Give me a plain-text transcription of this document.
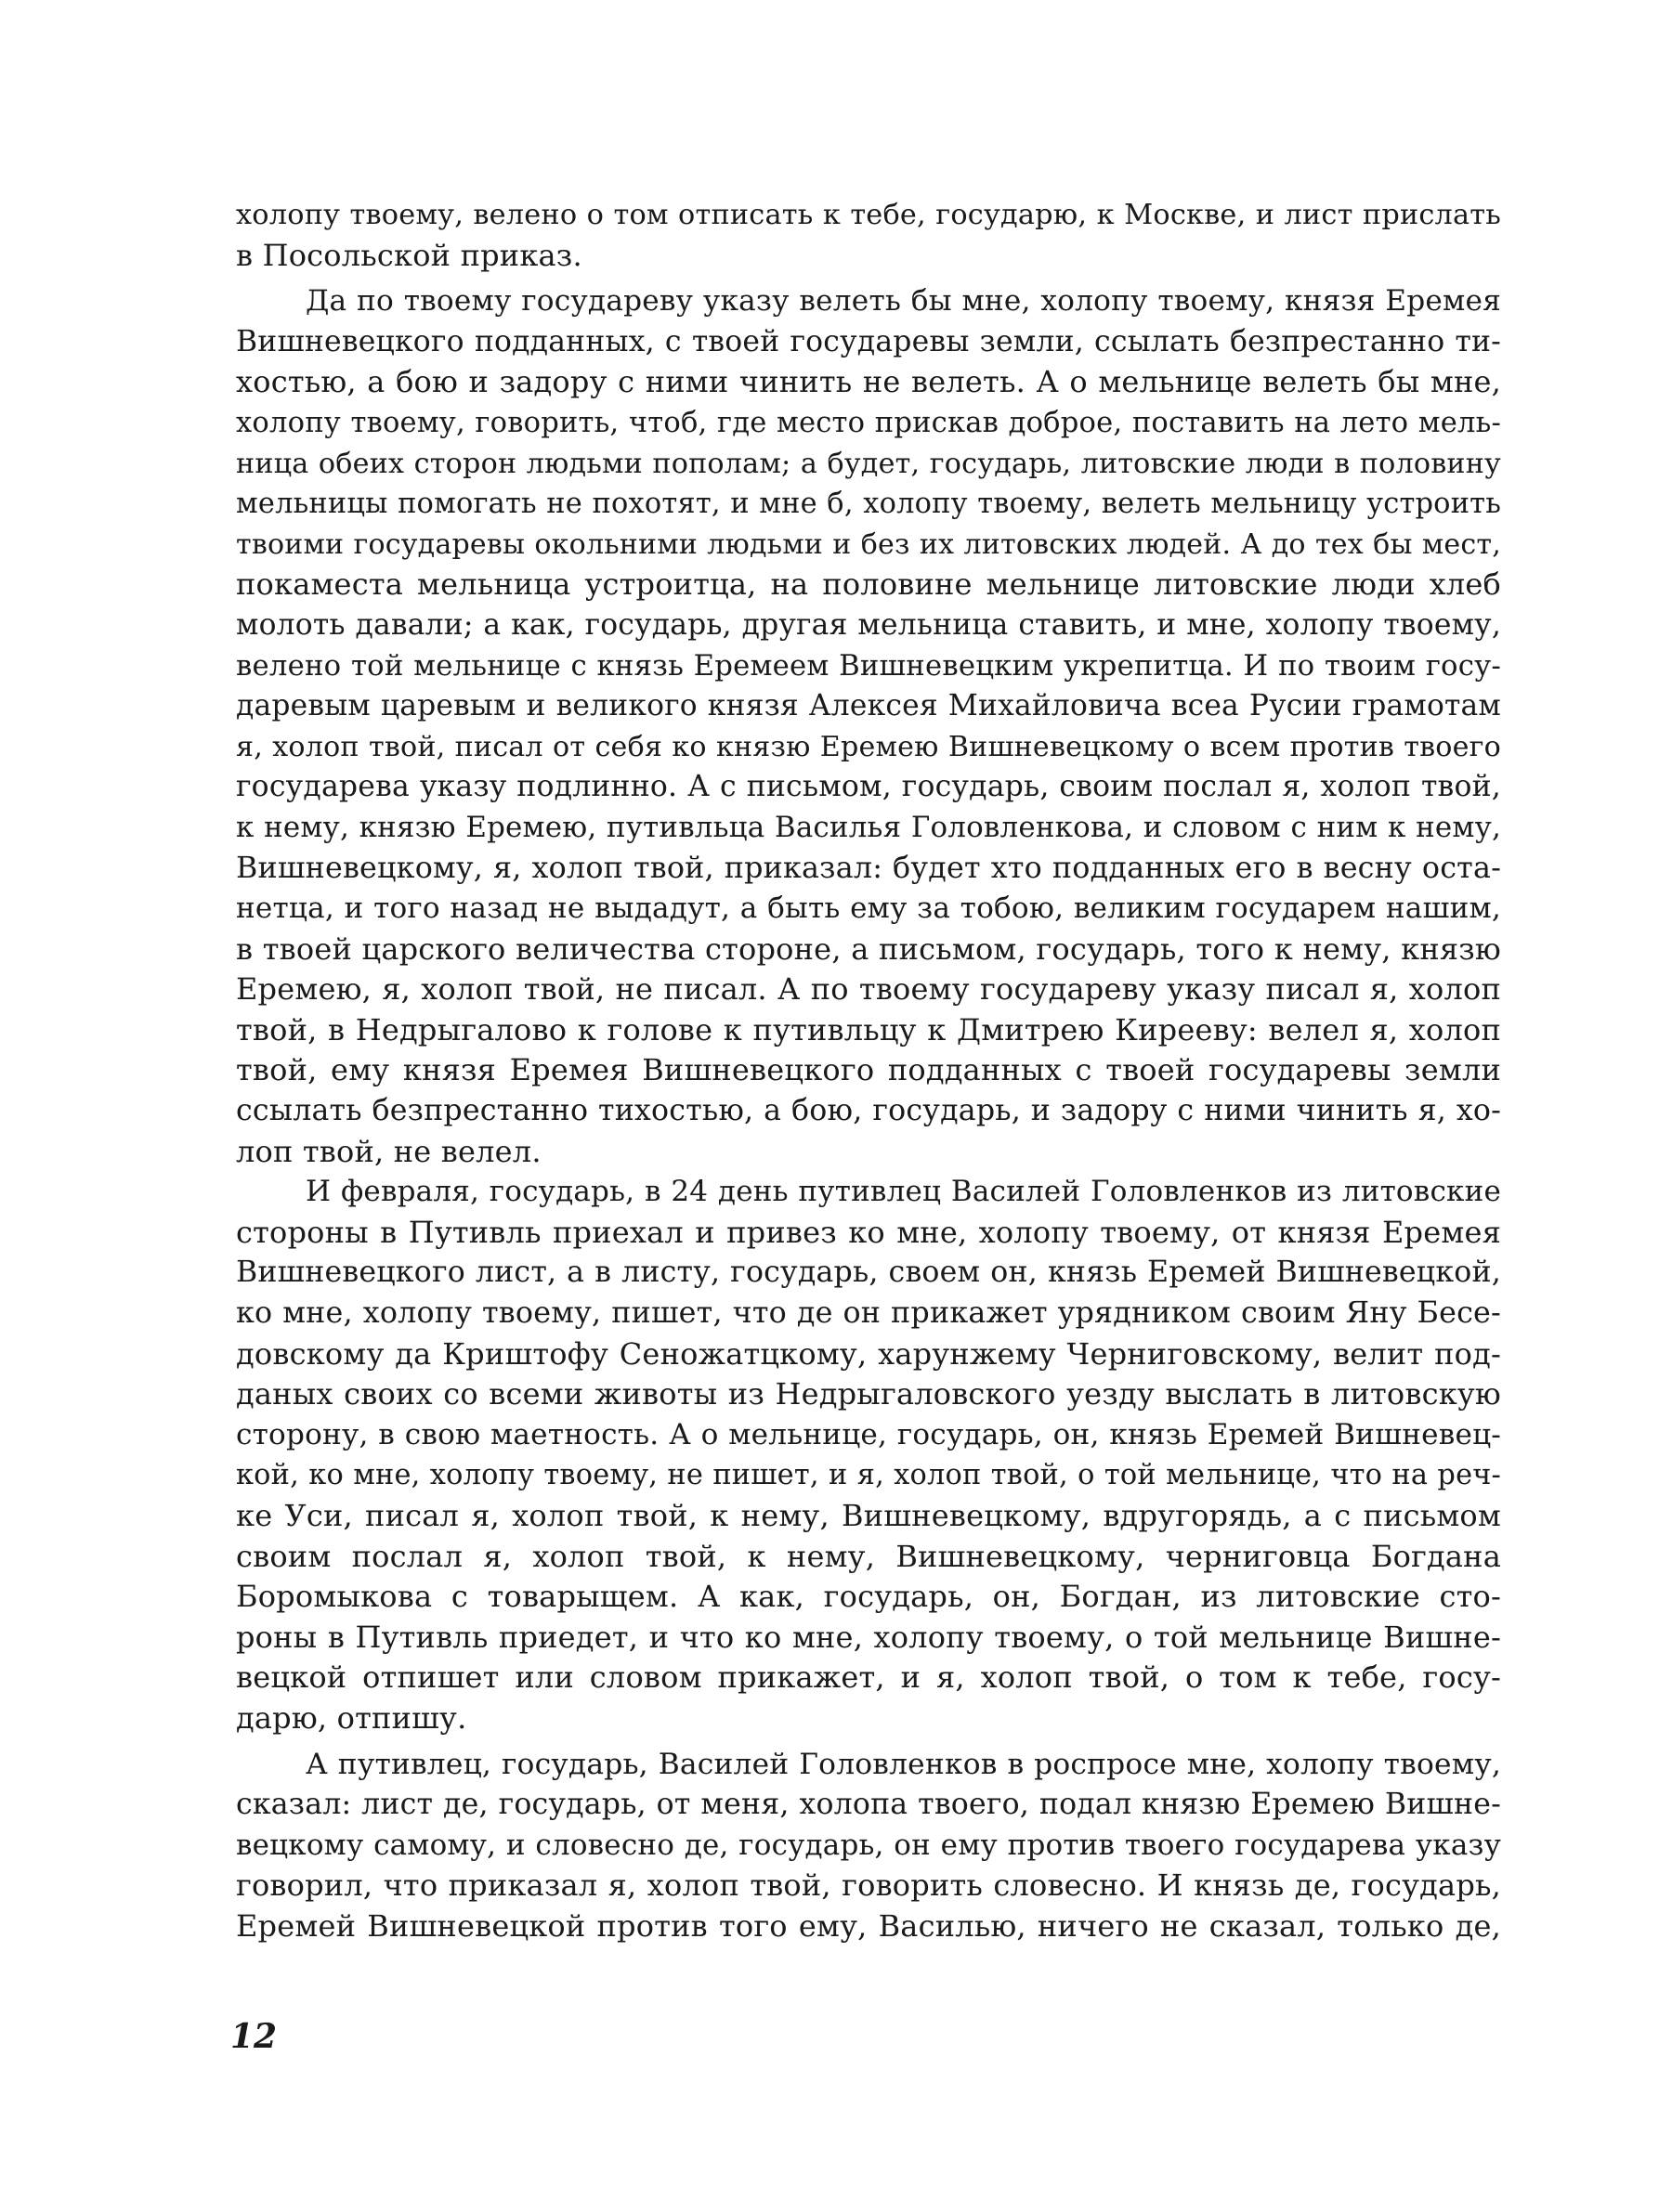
холопу твоему, велено о том отписать к тебе, государю, к Москве, и лист прислать
в Посольской приказ.
Да по твоему государеву указу велеть бы мне, холопу твоему, князя Еремея
Вишневецкого подданных, с твоей государевы земли, ссылать безпрестанно ти-
хостью, а бою и задору с ними чинить не велеть. А о мельнице велеть бы мне,
холопу твоему, говорить, чтоб, где место прискав доброе, поставить на лето мель-
ница обеих сторон людьми пополам; а будет, государь, литовские люди в половину
мельницы помогать не похотят, и мне б, холопу твоему, велеть мельницу устроить
твоими государевы окольними людьми и без их литовских людей. А до тех бы мест,
покаместа мельница устроитца, на половине мельнице литовские люди хлеб
молоть давали; а как, государь, другая мельница ставить, и мне, холопу твоему,
велено той мельнице с князь Еремеем Вишневецким укрепитца. И по твоим госу-
даревым царевым и великого князя Алексея Михайловича всеа Русии грамотам
я, холоп твой, писал от себя ко князю Еремею Вишневецкому о всем против твоего
государева указу подлинно. А с письмом, государь, своим послал я, холоп твой,
к нему, князю Еремею, путивльца Василья Головленкова, и словом с ним к нему,
Вишневецкому, я, холоп твой, приказал: будет хто подданных его в весну оста-
нетца, и того назад не выдадут, а быть ему за тобою, великим государем нашим,
в твоей царского величества стороне, а письмом, государь, того к нему, князю
Еремею, я, холоп твой, не писал. А по твоему государеву указу писал я, холоп
твой, в Недрыгалово к голове к путивльцу к Дмитрею Кирееву: велел я, холоп
твой, ему князя Еремея Вишневецкого подданных с твоей государевы земли
ссылать безпрестанно тихостью, а бою, государь, и задору с ними чинить я, хо-
лоп твой, не велел.
И февраля, государь, в 24 день путивлец Василей Головленков из литовские
стороны в Путивль приехал и привез ко мне, холопу твоему, от князя Еремея
Вишневецкого лист, а в листу, государь, своем он, князь Еремей Вишневецкой,
ко мне, холопу твоему, пишет, что де он прикажет урядником своим Яну Бесе-
довскому да Криштофу Сеножатцкому, харунжему Черниговскому, велит под-
даных своих со всеми животы из Недрыгаловского уезду выслать в литовскую
сторону, в свою маетность. А о мельнице, государь, он, князь Еремей Вишневец-
кой, ко мне, холопу твоему, не пишет, и я, холоп твой, о той мельнице, что на реч-
ке Уси, писал я, холоп твой, к нему, Вишневецкому, вдругорядь, а с письмом
своим послал я, холоп твой, к нему, Вишневецкому, черниговца Богдана
Боромыкова с товарыщем. А как, государь, он, Богдан, из литовские сто-
роны в Путивль приедет, и что ко мне, холопу твоему, о той мельнице Вишне-
вецкой отпишет или словом прикажет, и я, холоп твой, о том к тебе, госу-
дарю, отпишу.
А путивлец, государь, Василей Головленков в роспросе мне, холопу твоему,
сказал: лист де, государь, от меня, холопа твоего, подал князю Еремею Вишне-
вецкому самому, и словесно де, государь, он ему против твоего государева указу
говорил, что приказал я, холоп твой, говорить словесно. И князь де, государь,
Еремей Вишневецкой против того ему, Василью, ничего не сказал, только де,
12
